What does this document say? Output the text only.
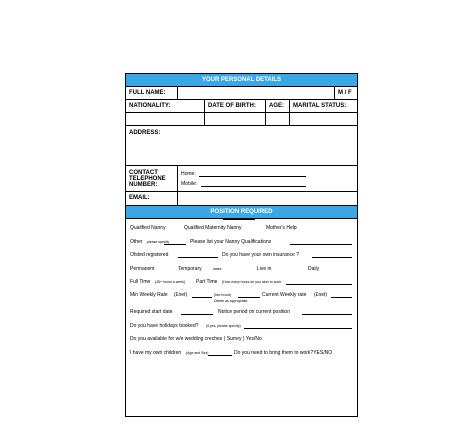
YOUR PERSONAL DETAILS
FULL NAME:	M / F
NATIONALITY:	DATE OF BIRTH:	AGE:	MARITAL STATUS:
ADDRESS:
CONTACT TELEPHONE NUMBER:
Home:
Mobile:
EMAIL:
POSITION REQUIRED
Qualified Nanny	Qualified Maternity Nanny	Mother's Help
Other please specify	Please list your Nanny Qualifications
Ofsted registered	Do you have your own insurance ?
Permanent	Temporary	dates	Live in	Daily
Full Time (35+ hours a week) Part Time (How many hours do you wish to work
Min Weekly Rate (£net)	(live in/out)	Current Weekly rate (£net)
Delete as appropriate
Required start date	Notice period on current position
Do you have holidays booked? (if yes, please specify)
Do you available for w/e wedding creches ( Surrey ) Yes/No
I have my own children (Age and Sex)	Do you need to bring them to work?YES/NO
